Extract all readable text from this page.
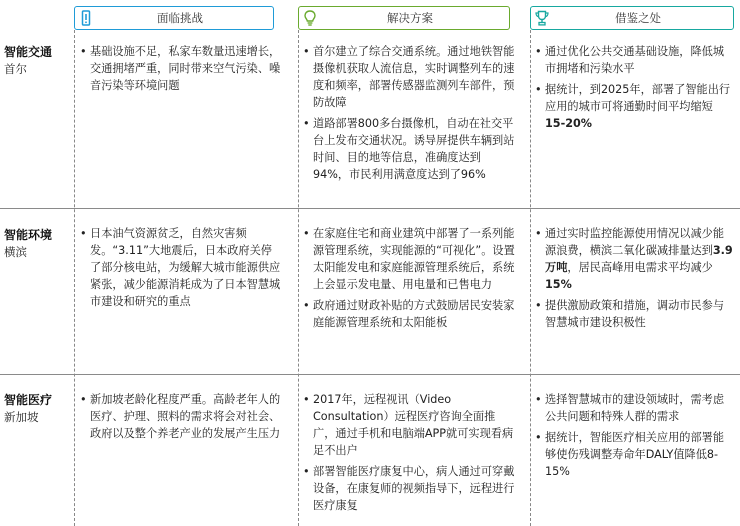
面临挑战	解决方案	借鉴之处
智能交通
首尔
• 基础设施不足，私家车数量迅速增长，交通拥堵严重，同时带来空气污染、噪音污染等环境问题
• 首尔建立了综合交通系统。通过地铁智能摄像机获取人流信息，实时调整列车的速度和频率，部署传感器监测列车部件，预防故障
• 道路部署800多台摄像机，自动在社交平台上发布交通状况。诱导屏提供车辆到站时间、目的地等信息，准确度达到94%，市民利用满意度达到了96%
• 通过优化公共交通基础设施，降低城市拥堵和污染水平
• 据统计，到2025年，部署了智能出行应用的城市可将通勤时间平均缩短15-20%
智能环境
横滨
• 日本油气资源贫乏，自然灾害频发。“3.11”大地震后，日本政府关停了部分核电站，为缓解大城市能源供应紧张，减少能源消耗成为了日本智慧城市建设和研究的重点
• 在家庭住宅和商业建筑中部署了一系列能源管理系统，实现能源的“可视化”。设置太阳能发电和家庭能源管理系统后，系统上会显示发电量、用电量和已售电力
• 政府通过财政补贴的方式鼓励居民安装家庭能源管理系统和太阳能板
• 通过实时监控能源使用情况以减少能源浪费，横滨二氧化碳减排量达到3.9万吨，居民高峰用电需求平均减少15%
• 提供激励政策和措施，调动市民参与智慧城市建设积极性
智能医疗
新加坡
• 新加坡老龄化程度严重。高龄老年人的医疗、护理、照料的需求将会对社会、政府以及整个养老产业的发展产生压力
• 2017年，远程视讯（Video Consultation）远程医疗咨询全面推广，通过手机和电脑端APP就可实现看病足不出户
• 部署智能医疗康复中心，病人通过可穿戴设备，在康复师的视频指导下，远程进行医疗康复
• 选择智慧城市的建设领域时，需考虑公共问题和特殊人群的需求
• 据统计，智能医疗相关应用的部署能够使伤残调整寿命年DALY值降低8-15%
